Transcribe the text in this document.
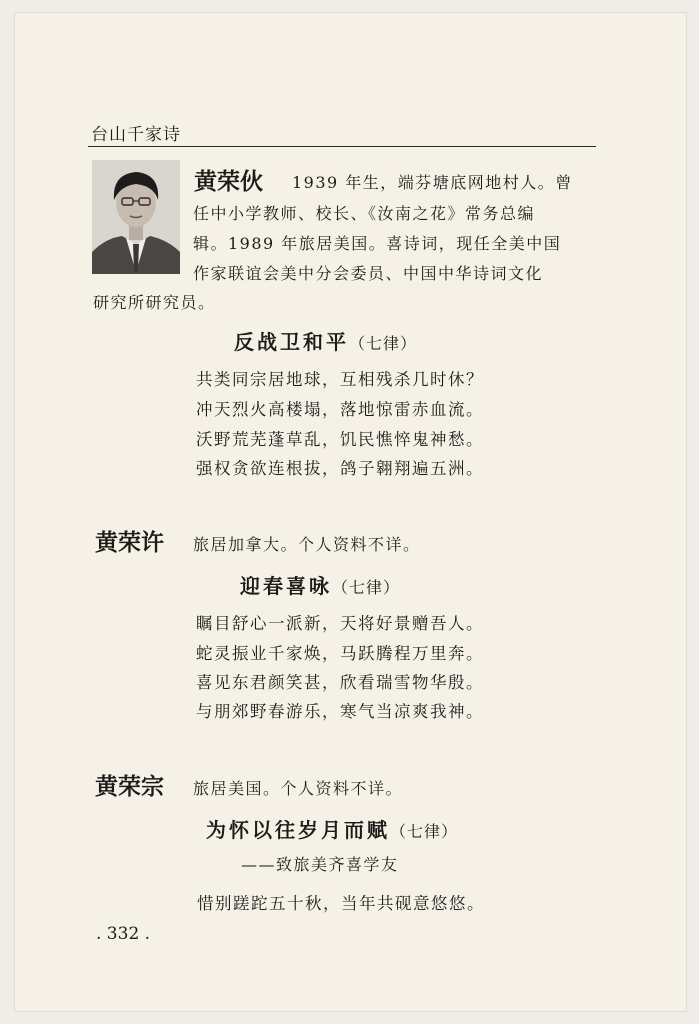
台山千家诗
黄荣伙 1939 年生，端芬塘底网地村人。曾
任中小学教师、校长、《汝南之花》常务总编
辑。1989 年旅居美国。喜诗词，现任全美中国
作家联谊会美中分会委员、中国中华诗词文化
研究所研究员。
反战卫和平（七律）
共类同宗居地球，互相残杀几时休？
冲天烈火高楼塌，落地惊雷赤血流。
沃野荒芜蓬草乱，饥民憔悴鬼神愁。
强权贪欲连根拔，鸽子翱翔遍五洲。
黄荣许 旅居加拿大。个人资料不详。
迎春喜咏（七律）
瞩目舒心一派新，天将好景赠吾人。
蛇灵振业千家焕，马跃腾程万里奔。
喜见东君颜笑甚，欣看瑞雪物华殷。
与朋郊野春游乐，寒气当凉爽我神。
黄荣宗 旅居美国。个人资料不详。
为怀以往岁月而赋（七律）
——致旅美齐喜学友
惜别蹉跎五十秋，当年共砚意悠悠。
. 332 .
